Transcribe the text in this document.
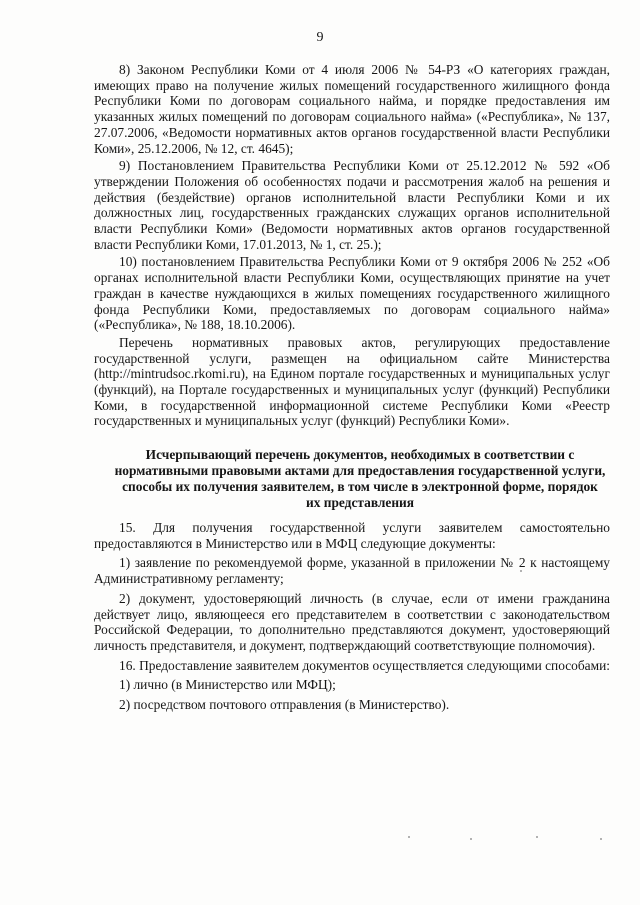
9

8) Законом Республики Коми от 4 июля 2006 № 54-РЗ «О категориях граждан, имеющих право на получение жилых помещений государственного жилищного фонда Республики Коми по договорам социального найма, и порядке предоставления им указанных жилых помещений по договорам социального найма» («Республика», № 137, 27.07.2006, «Ведомости нормативных актов органов государственной власти Республики Коми», 25.12.2006, № 12, ст. 4645);

9) Постановлением Правительства Республики Коми от 25.12.2012 № 592 «Об утверждении Положения об особенностях подачи и рассмотрения жалоб на решения и действия (бездействие) органов исполнительной власти Республики Коми и их должностных лиц, государственных гражданских служащих органов исполнительной власти Республики Коми» (Ведомости нормативных актов органов государственной власти Республики Коми, 17.01.2013, № 1, ст. 25.);

10) постановлением Правительства Республики Коми от 9 октября 2006 № 252 «Об органах исполнительной власти Республики Коми, осуществляющих принятие на учет граждан в качестве нуждающихся в жилых помещениях государственного жилищного фонда Республики Коми, предоставляемых по договорам социального найма» («Республика», № 188, 18.10.2006).

Перечень нормативных правовых актов, регулирующих предоставление государственной услуги, размещен на официальном сайте Министерства (http://mintrudsoc.rkomi.ru), на Едином портале государственных и муниципальных услуг (функций), на Портале государственных и муниципальных услуг (функций) Республики Коми, в государственной информационной системе Республики Коми «Реестр государственных и муниципальных услуг (функций) Республики Коми».

Исчерпывающий перечень документов, необходимых в соответствии с нормативными правовыми актами для предоставления государственной услуги, способы их получения заявителем, в том числе в электронной форме, порядок их представления

15. Для получения государственной услуги заявителем самостоятельно предоставляются в Министерство или в МФЦ следующие документы:

1) заявление по рекомендуемой форме, указанной в приложении № 2 к настоящему Административному регламенту;

2) документ, удостоверяющий личность (в случае, если от имени гражданина действует лицо, являющееся его представителем в соответствии с законодательством Российской Федерации, то дополнительно представляются документ, удостоверяющий личность представителя, и документ, подтверждающий соответствующие полномочия).

16. Предоставление заявителем документов осуществляется следующими способами:

1) лично (в Министерство или МФЦ);

2) посредством почтового отправления (в Министерство).
